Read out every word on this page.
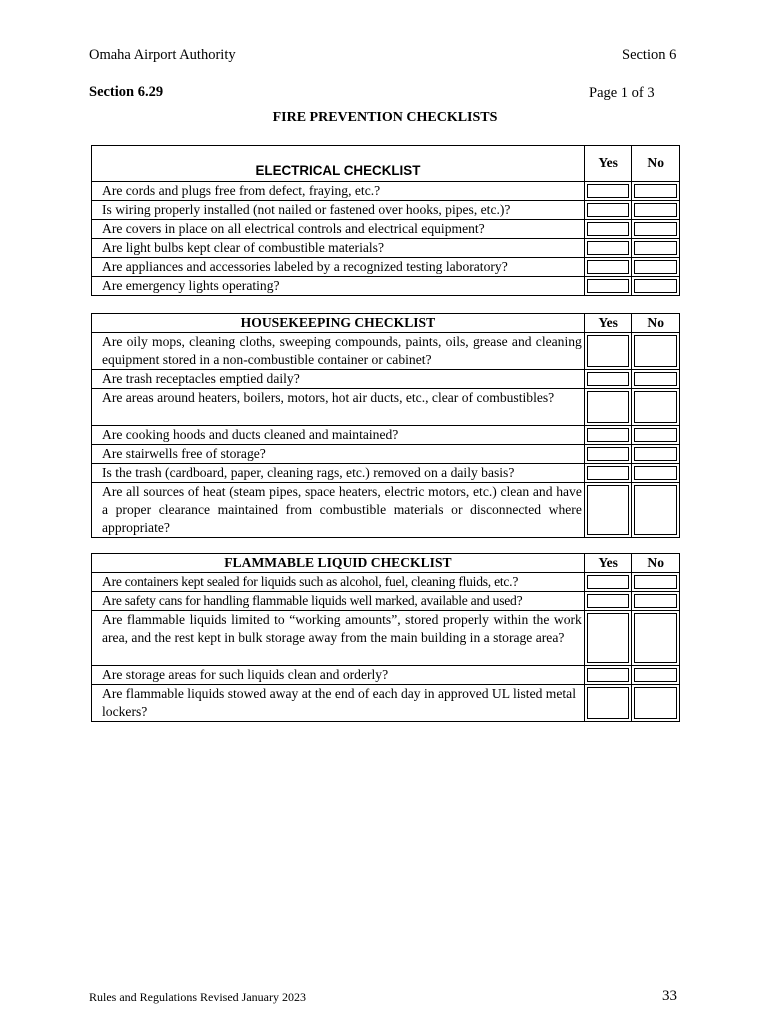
Omaha Airport Authority	Section 6
Section 6.29	Page 1 of 3
FIRE PREVENTION CHECKLISTS
ELECTRICAL CHECKLIST	Yes	No
Are cords and plugs free from defect, fraying, etc.?	

Is wiring properly installed (not nailed or fastened over hooks, pipes, etc.)?	

Are covers in place on all electrical controls and electrical equipment?	

Are light bulbs kept clear of combustible materials?	

Are appliances and accessories labeled by a recognized testing laboratory?	

Are emergency lights operating?	

HOUSEKEEPING CHECKLIST	Yes	No
Are oily mops, cleaning cloths, sweeping compounds, paints, oils, grease and cleaning equipment stored in a non-combustible container or cabinet?	

Are trash receptacles emptied daily?	

Are areas around heaters, boilers, motors, hot air ducts, etc., clear of combustibles?	

Are cooking hoods and ducts cleaned and maintained?	

Are stairwells free of storage?	

Is the trash (cardboard, paper, cleaning rags, etc.) removed on a daily basis?	

Are all sources of heat (steam pipes, space heaters, electric motors, etc.) clean and have a proper clearance maintained from combustible materials or disconnected where appropriate?	

FLAMMABLE LIQUID CHECKLIST	Yes	No
Are containers kept sealed for liquids such as alcohol, fuel, cleaning fluids, etc.?	

Are safety cans for handling flammable liquids well marked, available and used?	

Are flammable liquids limited to “working amounts”, stored properly within the work area, and the rest kept in bulk storage away from the main building in a storage area?	

Are storage areas for such liquids clean and orderly?	

Are flammable liquids stowed away at the end of each day in approved UL listed metal lockers?	

Rules and Regulations Revised January 2023	33
